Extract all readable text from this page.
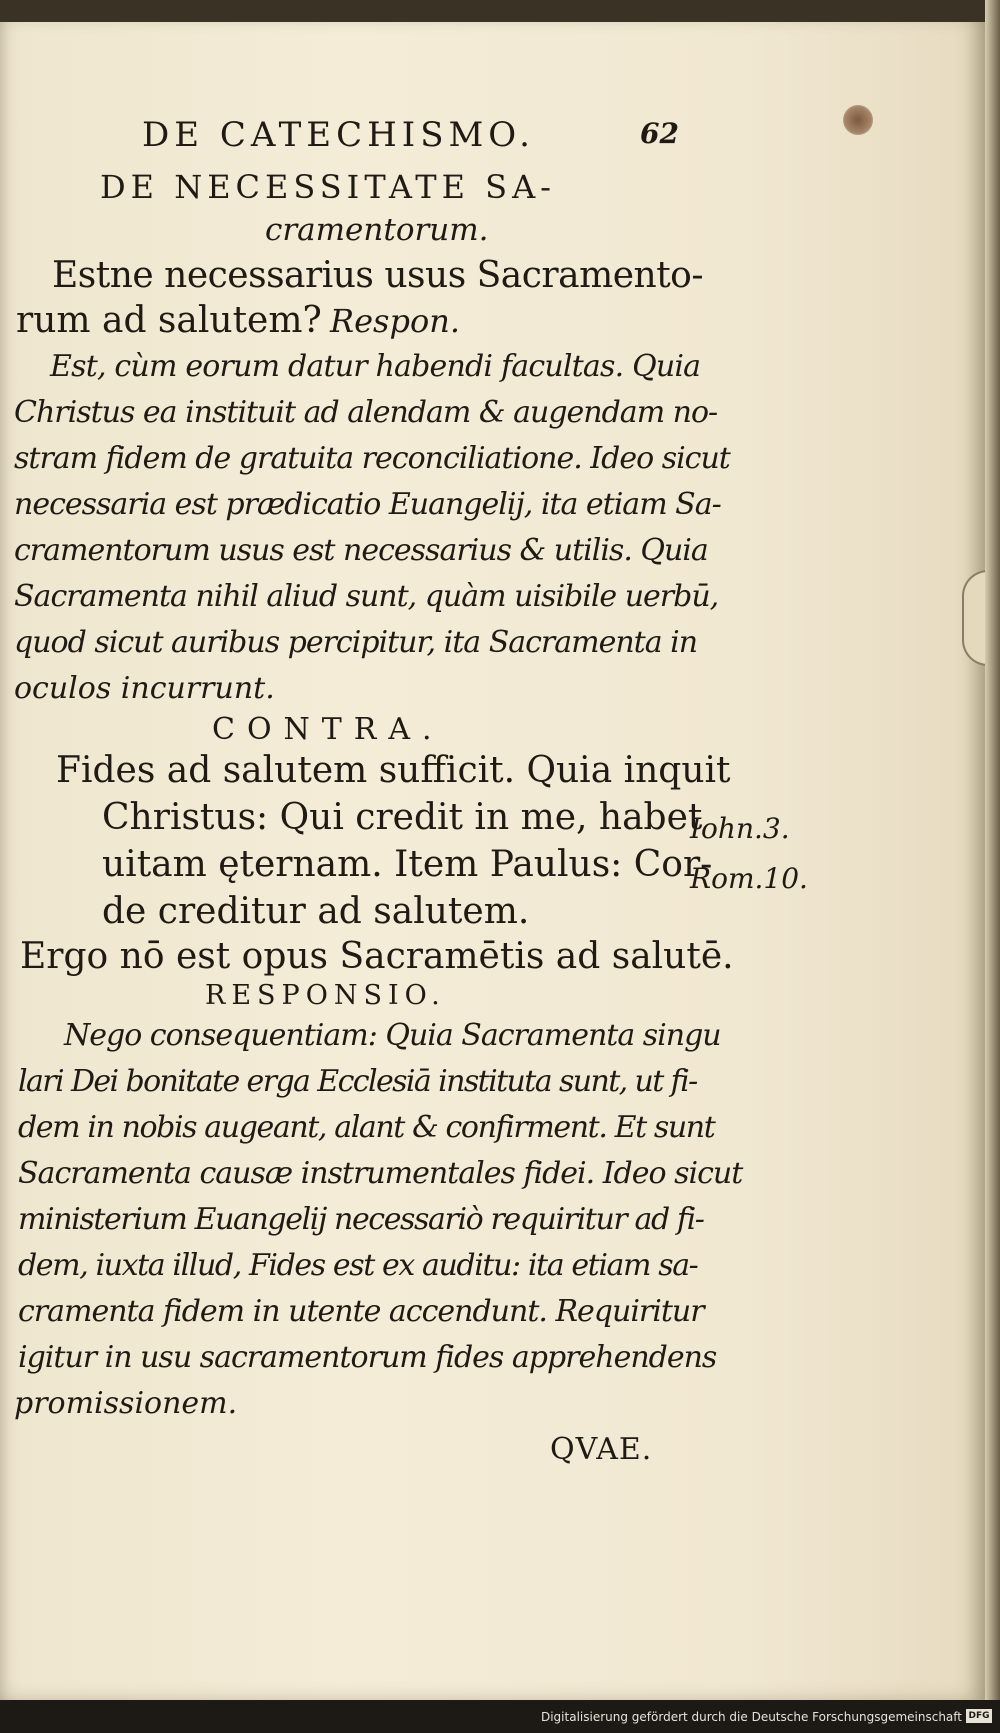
DE CATECHISMO.	62
DE NECESSITATE SA-
cramentorum.
Estne necessarius usus Sacramento-
rum ad salutem? Respon.
Est, cùm eorum datur habendi facultas. Quia
Christus ea instituit ad alendam & augendam no-
stram fidem de gratuita reconciliatione. Ideo sicut
necessaria est prædicatio Euangelij, ita etiam Sa-
cramentorum usus est necessarius & utilis. Quia
Sacramenta nihil aliud sunt, quàm uisibile uerbū,
quod sicut auribus percipitur, ita Sacramenta in
oculos incurrunt.
CONTRA.
Fides ad salutem sufficit. Quia inquit
Christus: Qui credit in me, habet
uitam ęternam. Item Paulus: Cor-
de creditur ad salutem.
Ergo nō est opus Sacramētis ad salutē.
Iohn.3.
Rom.10.
RESPONSIO.
Nego consequentiam: Quia Sacramenta singu
lari Dei bonitate erga Ecclesiā instituta sunt, ut fi-
dem in nobis augeant, alant & confirment. Et sunt
Sacramenta causæ instrumentales fidei. Ideo sicut
ministerium Euangelij necessariò requiritur ad fi-
dem, iuxta illud, Fides est ex auditu: ita etiam sa-
cramenta fidem in utente accendunt. Requiritur
igitur in usu sacramentorum fides apprehendens
promissionem.
QVAE.
Digitalisierung gefördert durch die Deutsche Forschungsgemeinschaft DFG
